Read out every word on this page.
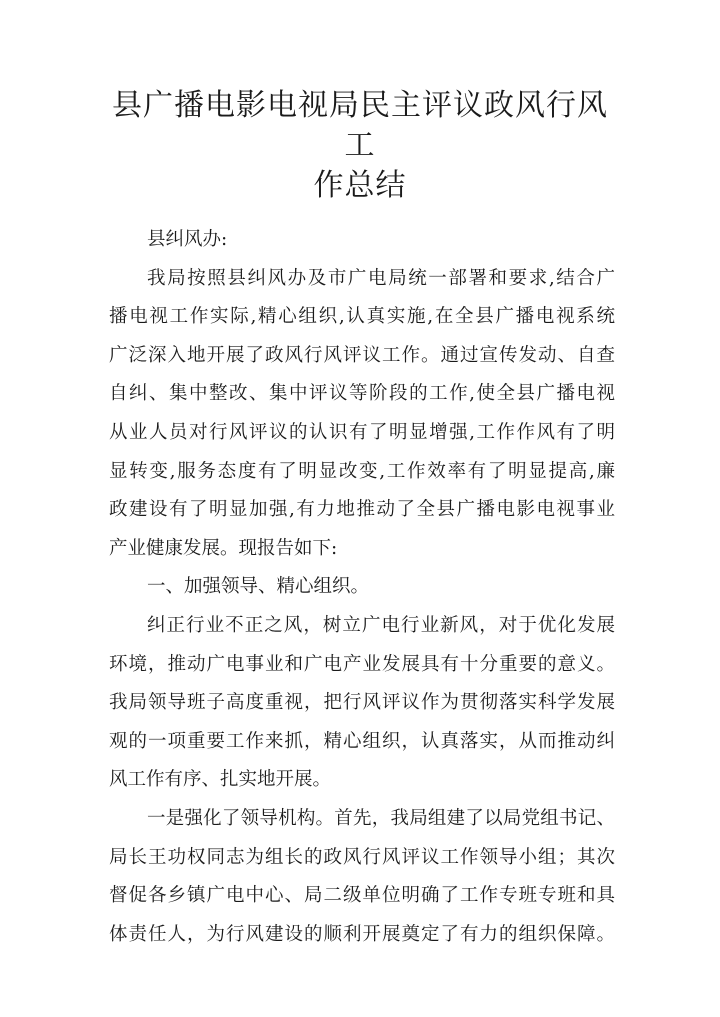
县广播电影电视局民主评议政风行风工
作总结
县纠风办:
我局按照县纠风办及市广电局统一部署和要求,结合广
播电视工作实际,精心组织,认真实施,在全县广播电视系统
广泛深入地开展了政风行风评议工作。通过宣传发动、自查
自纠、集中整改、集中评议等阶段的工作,使全县广播电视
从业人员对行风评议的认识有了明显增强,工作作风有了明
显转变,服务态度有了明显改变,工作效率有了明显提高,廉
政建设有了明显加强,有力地推动了全县广播电影电视事业
产业健康发展。现报告如下:
一、加强领导、精心组织。
纠正行业不正之风，树立广电行业新风，对于优化发展
环境，推动广电事业和广电产业发展具有十分重要的意义。
我局领导班子高度重视，把行风评议作为贯彻落实科学发展
观的一项重要工作来抓，精心组织，认真落实，从而推动纠
风工作有序、扎实地开展。
一是强化了领导机构。首先，我局组建了以局党组书记、
局长王功权同志为组长的政风行风评议工作领导小组；其次
督促各乡镇广电中心、局二级单位明确了工作专班专班和具
体责任人，为行风建设的顺利开展奠定了有力的组织保障。
